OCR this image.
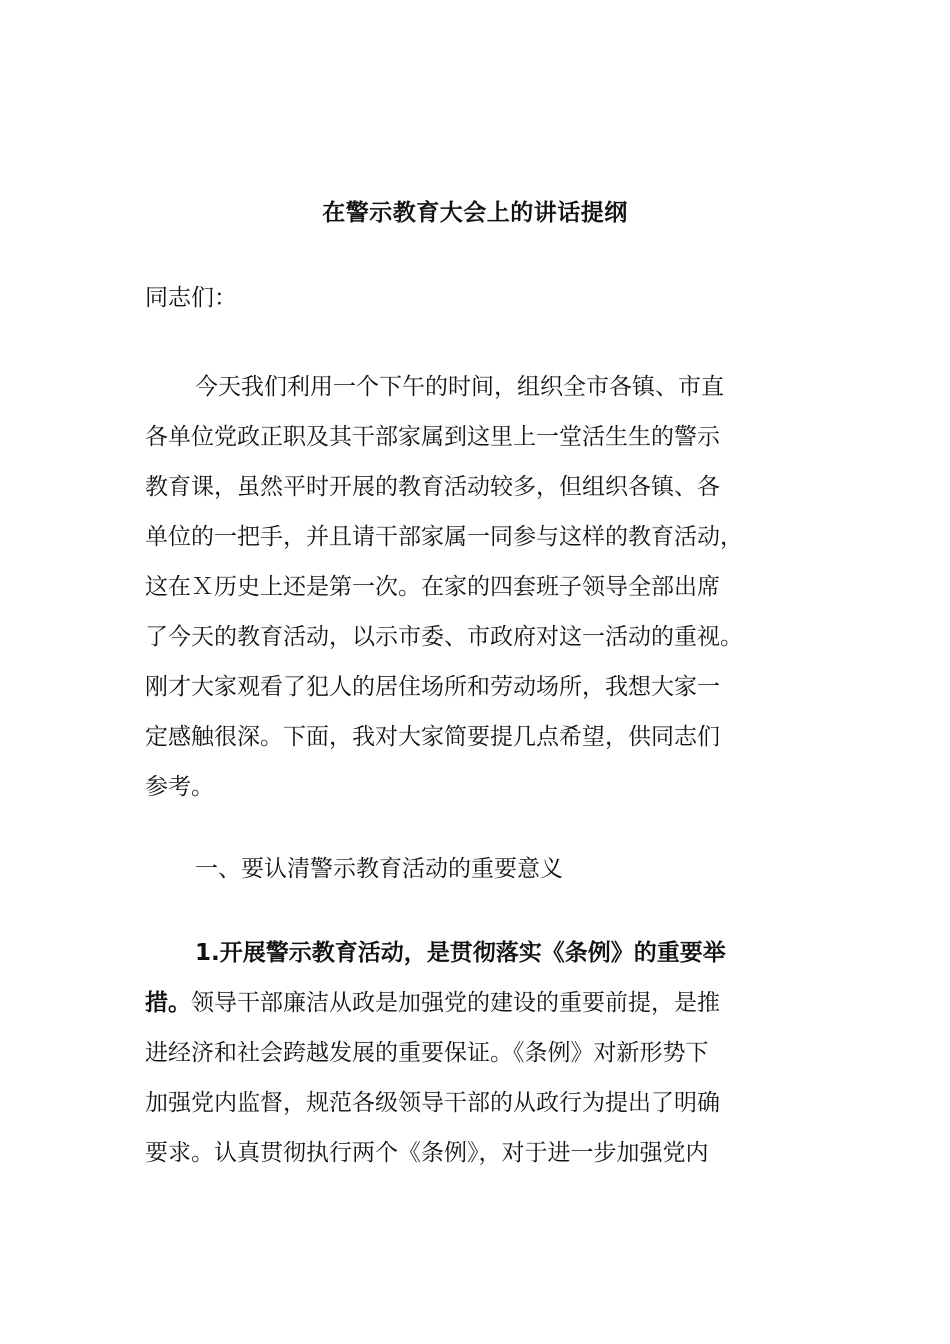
在警示教育大会上的讲话提纲
同志们：
今天我们利用一个下午的时间，组织全市各镇、市直
各单位党政正职及其干部家属到这里上一堂活生生的警示
教育课，虽然平时开展的教育活动较多，但组织各镇、各
单位的一把手，并且请干部家属一同参与这样的教育活动，
这在Ｘ历史上还是第一次。在家的四套班子领导全部出席
了今天的教育活动，以示市委、市政府对这一活动的重视。
刚才大家观看了犯人的居住场所和劳动场所，我想大家一
定感触很深。下面，我对大家简要提几点希望，供同志们
参考。
一、要认清警示教育活动的重要意义
1.开展警示教育活动，是贯彻落实《条例》的重要举
措。领导干部廉洁从政是加强党的建设的重要前提，是推
进经济和社会跨越发展的重要保证。《条例》对新形势下
加强党内监督，规范各级领导干部的从政行为提出了明确
要求。认真贯彻执行两个《条例》，对于进一步加强党内
